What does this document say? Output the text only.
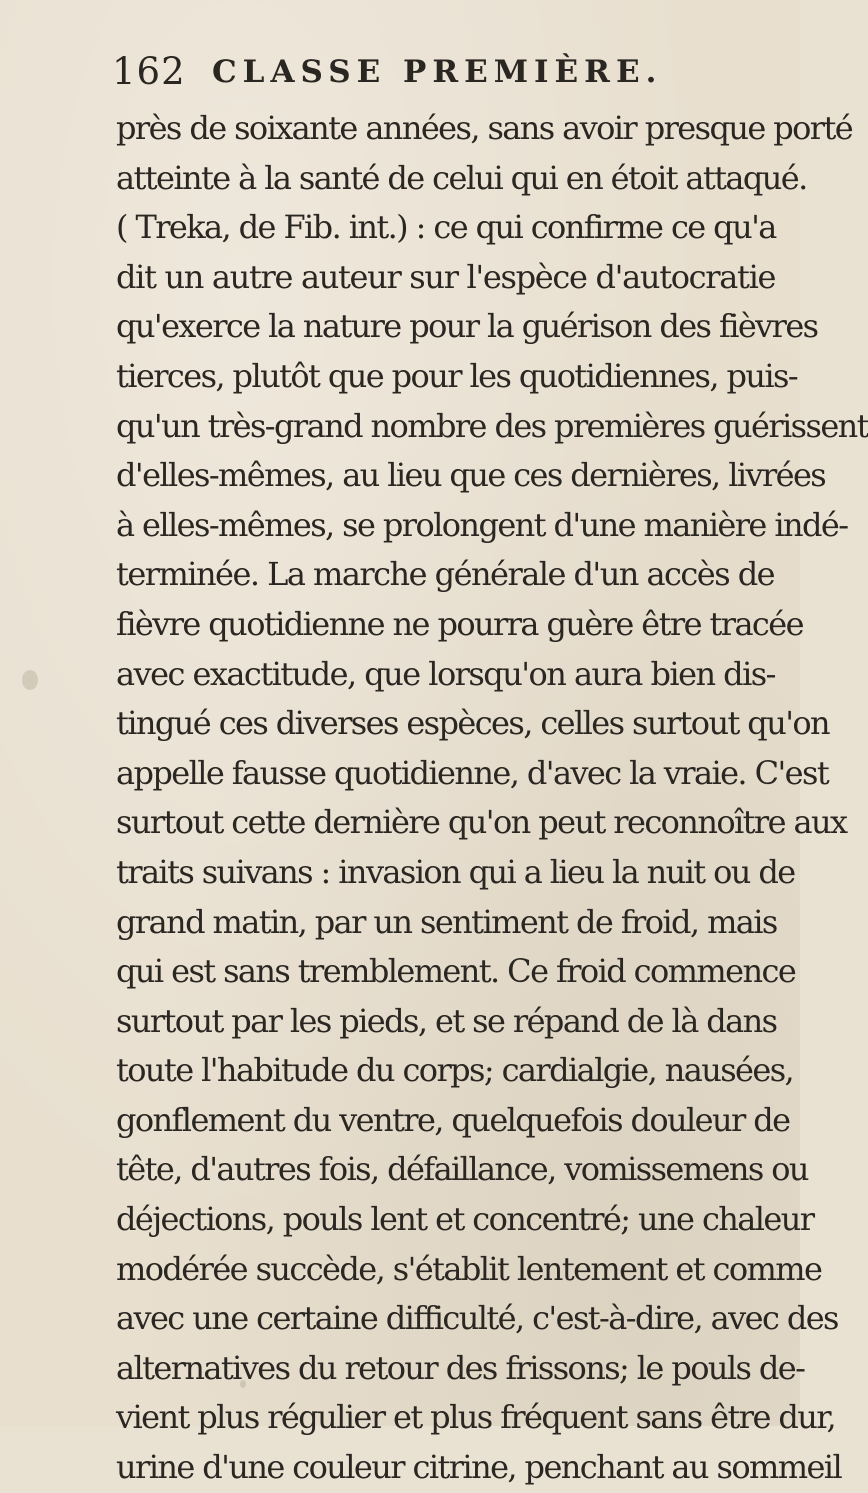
162 CLASSE PREMIÈRE.
près de soixante années, sans avoir presque porté
atteinte à la santé de celui qui en étoit attaqué.
( Treka, de Fib. int.) : ce qui confirme ce qu'a
dit un autre auteur sur l'espèce d'autocratie
qu'exerce la nature pour la guérison des fièvres
tierces, plutôt que pour les quotidiennes, puis-
qu'un très-grand nombre des premières guérissent
d'elles-mêmes, au lieu que ces dernières, livrées
à elles-mêmes, se prolongent d'une manière indé-
terminée. La marche générale d'un accès de
fièvre quotidienne ne pourra guère être tracée
avec exactitude, que lorsqu'on aura bien dis-
tingué ces diverses espèces, celles surtout qu'on
appelle fausse quotidienne, d'avec la vraie. C'est
surtout cette dernière qu'on peut reconnoître aux
traits suivans : invasion qui a lieu la nuit ou de
grand matin, par un sentiment de froid, mais
qui est sans tremblement. Ce froid commence
surtout par les pieds, et se répand de là dans
toute l'habitude du corps; cardialgie, nausées,
gonflement du ventre, quelquefois douleur de
tête, d'autres fois, défaillance, vomissemens ou
déjections, pouls lent et concentré; une chaleur
modérée succède, s'établit lentement et comme
avec une certaine difficulté, c'est-à-dire, avec des
alternatives du retour des frissons; le pouls de-
vient plus régulier et plus fréquent sans être dur,
urine d'une couleur citrine, penchant au sommeil
